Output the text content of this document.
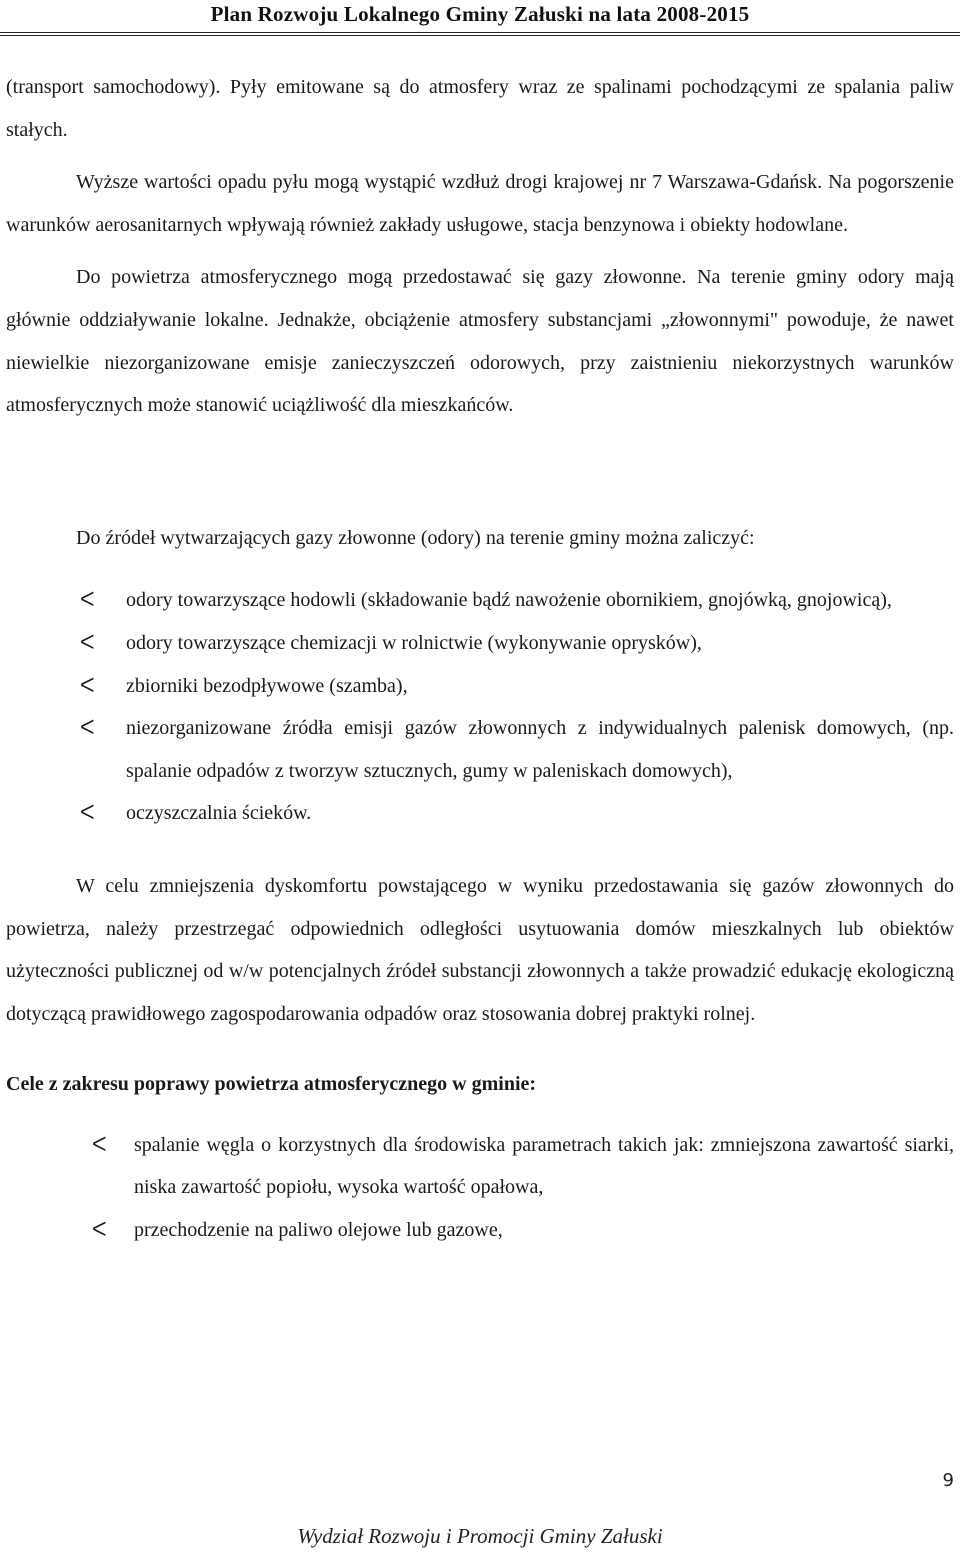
Plan Rozwoju Lokalnego Gminy Załuski na lata 2008-2015

(transport samochodowy). Pyły emitowane są do atmosfery wraz ze spalinami pochodzącymi ze spalania paliw stałych.

Wyższe wartości opadu pyłu mogą wystąpić wzdłuż drogi krajowej nr 7 Warszawa-Gdańsk. Na pogorszenie warunków aerosanitarnych wpływają również zakłady usługowe, stacja benzynowa i obiekty hodowlane.

Do powietrza atmosferycznego mogą przedostawać się gazy złowonne. Na terenie gminy odory mają głównie oddziaływanie lokalne. Jednakże, obciążenie atmosfery substancjami „złowonnymi" powoduje, że nawet niewielkie niezorganizowane emisje zanieczyszczeń odorowych, przy zaistnieniu niekorzystnych warunków atmosferycznych może stanowić uciążliwość dla mieszkańców.

Do źródeł wytwarzających gazy złowonne (odory) na terenie gminy można zaliczyć:

ᐸ odory towarzyszące hodowli (składowanie bądź nawożenie obornikiem, gnojówką, gnojowicą),
ᐸ odory towarzyszące chemizacji w rolnictwie (wykonywanie oprysków),
ᐸ zbiorniki bezodpływowe (szamba),
ᐸ niezorganizowane źródła emisji gazów złowonnych z indywidualnych palenisk domowych, (np. spalanie odpadów z tworzyw sztucznych, gumy w paleniskach domowych),
ᐸ oczyszczalnia ścieków.

W celu zmniejszenia dyskomfortu powstającego w wyniku przedostawania się gazów złowonnych do powietrza, należy przestrzegać odpowiednich odległości usytuowania domów mieszkalnych lub obiektów użyteczności publicznej od w/w potencjalnych źródeł substancji złowonnych a także prowadzić edukację ekologiczną dotyczącą prawidłowego zagospodarowania odpadów oraz stosowania dobrej praktyki rolnej.

Cele z zakresu poprawy powietrza atmosferycznego w gminie:

ᐸ spalanie węgla o korzystnych dla środowiska parametrach takich jak: zmniejszona zawartość siarki, niska zawartość popiołu, wysoka wartość opałowa,
ᐸ przechodzenie na paliwo olejowe lub gazowe,
9
Wydział Rozwoju i Promocji Gminy Załuski
